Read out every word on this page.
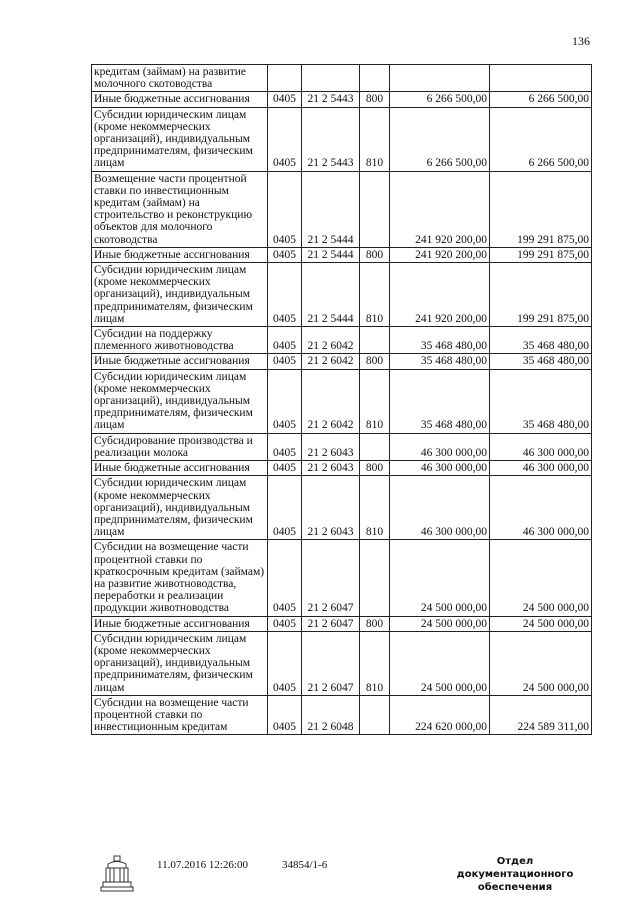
136
кредитам (займам) на развитие молочного скотоводства					
Иные бюджетные ассигнования	0405	21 2 5443	800	6 266 500,00	6 266 500,00
Субсидии юридическим лицам (кроме некоммерческих организаций), индивидуальным предпринимателям, физическим лицам	0405	21 2 5443	810	6 266 500,00	6 266 500,00
Возмещение части процентной ставки по инвестиционным кредитам (займам) на строительство и реконструкцию объектов для молочного скотоводства	0405	21 2 5444		241 920 200,00	199 291 875,00
Иные бюджетные ассигнования	0405	21 2 5444	800	241 920 200,00	199 291 875,00
Субсидии юридическим лицам (кроме некоммерческих организаций), индивидуальным предпринимателям, физическим лицам	0405	21 2 5444	810	241 920 200,00	199 291 875,00
Субсидии на поддержку племенного животноводства	0405	21 2 6042		35 468 480,00	35 468 480,00
Иные бюджетные ассигнования	0405	21 2 6042	800	35 468 480,00	35 468 480,00
Субсидии юридическим лицам (кроме некоммерческих организаций), индивидуальным предпринимателям, физическим лицам	0405	21 2 6042	810	35 468 480,00	35 468 480,00
Субсидирование производства и реализации молока	0405	21 2 6043		46 300 000,00	46 300 000,00
Иные бюджетные ассигнования	0405	21 2 6043	800	46 300 000,00	46 300 000,00
Субсидии юридическим лицам (кроме некоммерческих организаций), индивидуальным предпринимателям, физическим лицам	0405	21 2 6043	810	46 300 000,00	46 300 000,00
Субсидии на возмещение части процентной ставки по краткосрочным кредитам (займам) на развитие животноводства, переработки и реализации продукции животноводства	0405	21 2 6047		24 500 000,00	24 500 000,00
Иные бюджетные ассигнования	0405	21 2 6047	800	24 500 000,00	24 500 000,00
Субсидии юридическим лицам (кроме некоммерческих организаций), индивидуальным предпринимателям, физическим лицам	0405	21 2 6047	810	24 500 000,00	24 500 000,00
Субсидии на возмещение части процентной ставки по инвестиционным кредитам	0405	21 2 6048		224 620 000,00	224 589 311,00
11.07.2016 12:26:00	34854/1-6	Отдел документационного обеспечения
